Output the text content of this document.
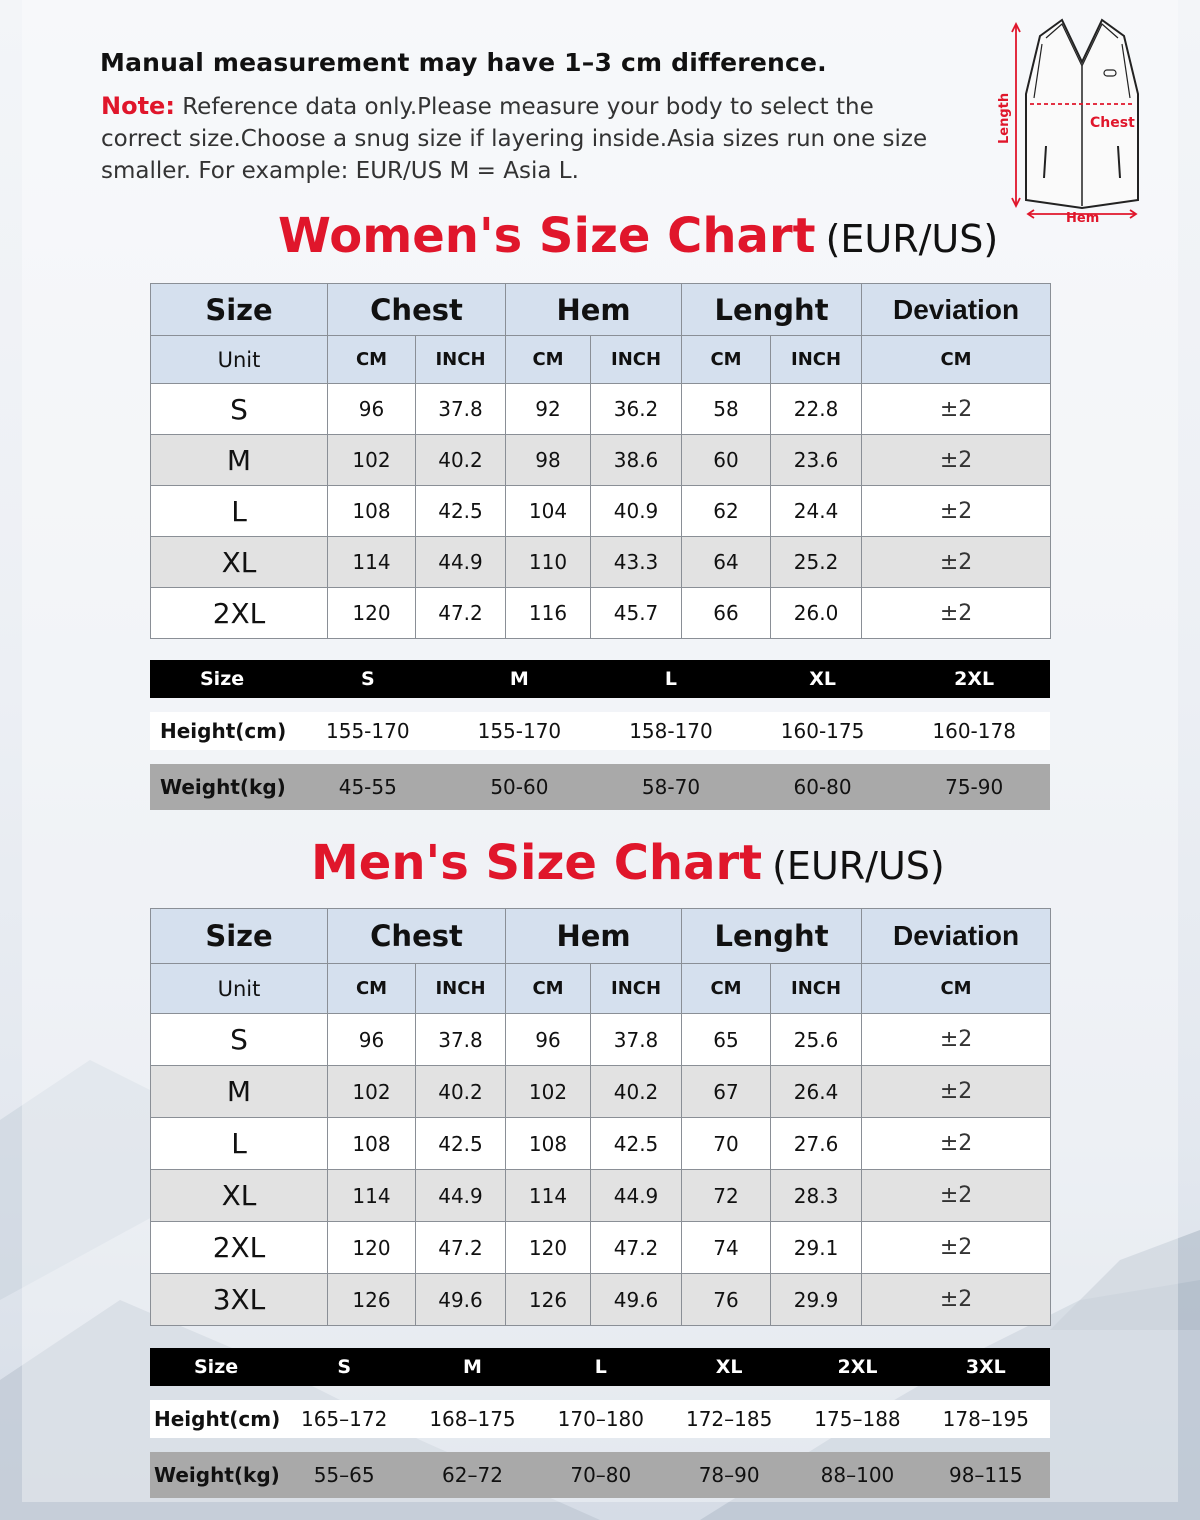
Manual measurement may have 1–3 cm difference.
Note: Reference data only.Please measure your body to select the correct size.Choose a snug size if layering inside.Asia sizes run one size smaller. For example: EUR/US M = Asia L.
Length	Chest
Hem
Women's Size Chart (EUR/US)
Size	Chest		Hem		Lenght		Deviation
Unit	CM	INCH	CM	INCH	CM	INCH	CM
S	96	37.8	92	36.2	58	22.8	±2
M	102	40.2	98	38.6	60	23.6	±2
L	108	42.5	104	40.9	62	24.4	±2
XL	114	44.9	110	43.3	64	25.2	±2
2XL	120	47.2	116	45.7	66	26.0	±2
Size	S	M	L	XL	2XL
Height(cm)	155-170	155-170	158-170	160-175	160-178
Weight(kg)	45-55	50-60	58-70	60-80	75-90
Men's Size Chart (EUR/US)
Size	Chest		Hem		Lenght		Deviation
Unit	CM	INCH	CM	INCH	CM	INCH	CM
S	96	37.8	96	37.8	65	25.6	±2
M	102	40.2	102	40.2	67	26.4	±2
L	108	42.5	108	42.5	70	27.6	±2
XL	114	44.9	114	44.9	72	28.3	±2
2XL	120	47.2	120	47.2	74	29.1	±2
3XL	126	49.6	126	49.6	76	29.9	±2
Size	S	M	L	XL	2XL	3XL
Height(cm)	165–172	168–175	170–180	172–185	175–188	178–195
Weight(kg)	55–65	62–72	70–80	78–90	88–100	98–115
